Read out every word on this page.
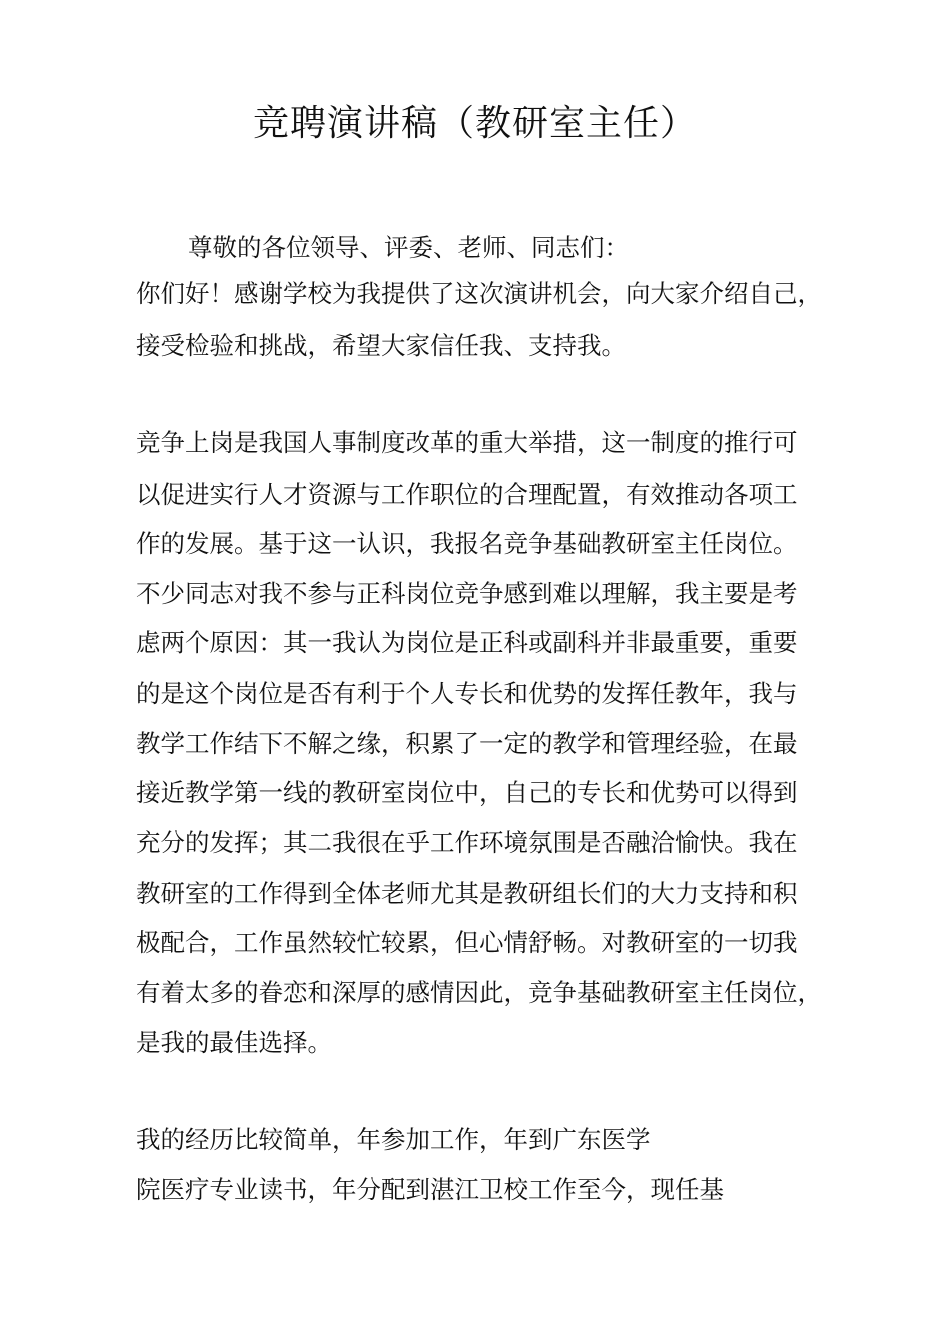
竞聘演讲稿（教研室主任）

尊敬的各位领导、评委、老师、同志们：

你们好！感谢学校为我提供了这次演讲机会，向大家介绍自己，

接受检验和挑战，希望大家信任我、支持我。

竞争上岗是我国人事制度改革的重大举措，这一制度的推行可

以促进实行人才资源与工作职位的合理配置，有效推动各项工

作的发展。基于这一认识，我报名竞争基础教研室主任岗位。

不少同志对我不参与正科岗位竞争感到难以理解，我主要是考

虑两个原因：其一我认为岗位是正科或副科并非最重要，重要

的是这个岗位是否有利于个人专长和优势的发挥任教年，我与

教学工作结下不解之缘，积累了一定的教学和管理经验，在最

接近教学第一线的教研室岗位中，自己的专长和优势可以得到

充分的发挥；其二我很在乎工作环境氛围是否融洽愉快。我在

教研室的工作得到全体老师尤其是教研组长们的大力支持和积

极配合，工作虽然较忙较累，但心情舒畅。对教研室的一切我

有着太多的眷恋和深厚的感情因此，竞争基础教研室主任岗位，

是我的最佳选择。

我的经历比较简单，年参加工作，年到广东医学

院医疗专业读书，年分配到湛江卫校工作至今，现任基
